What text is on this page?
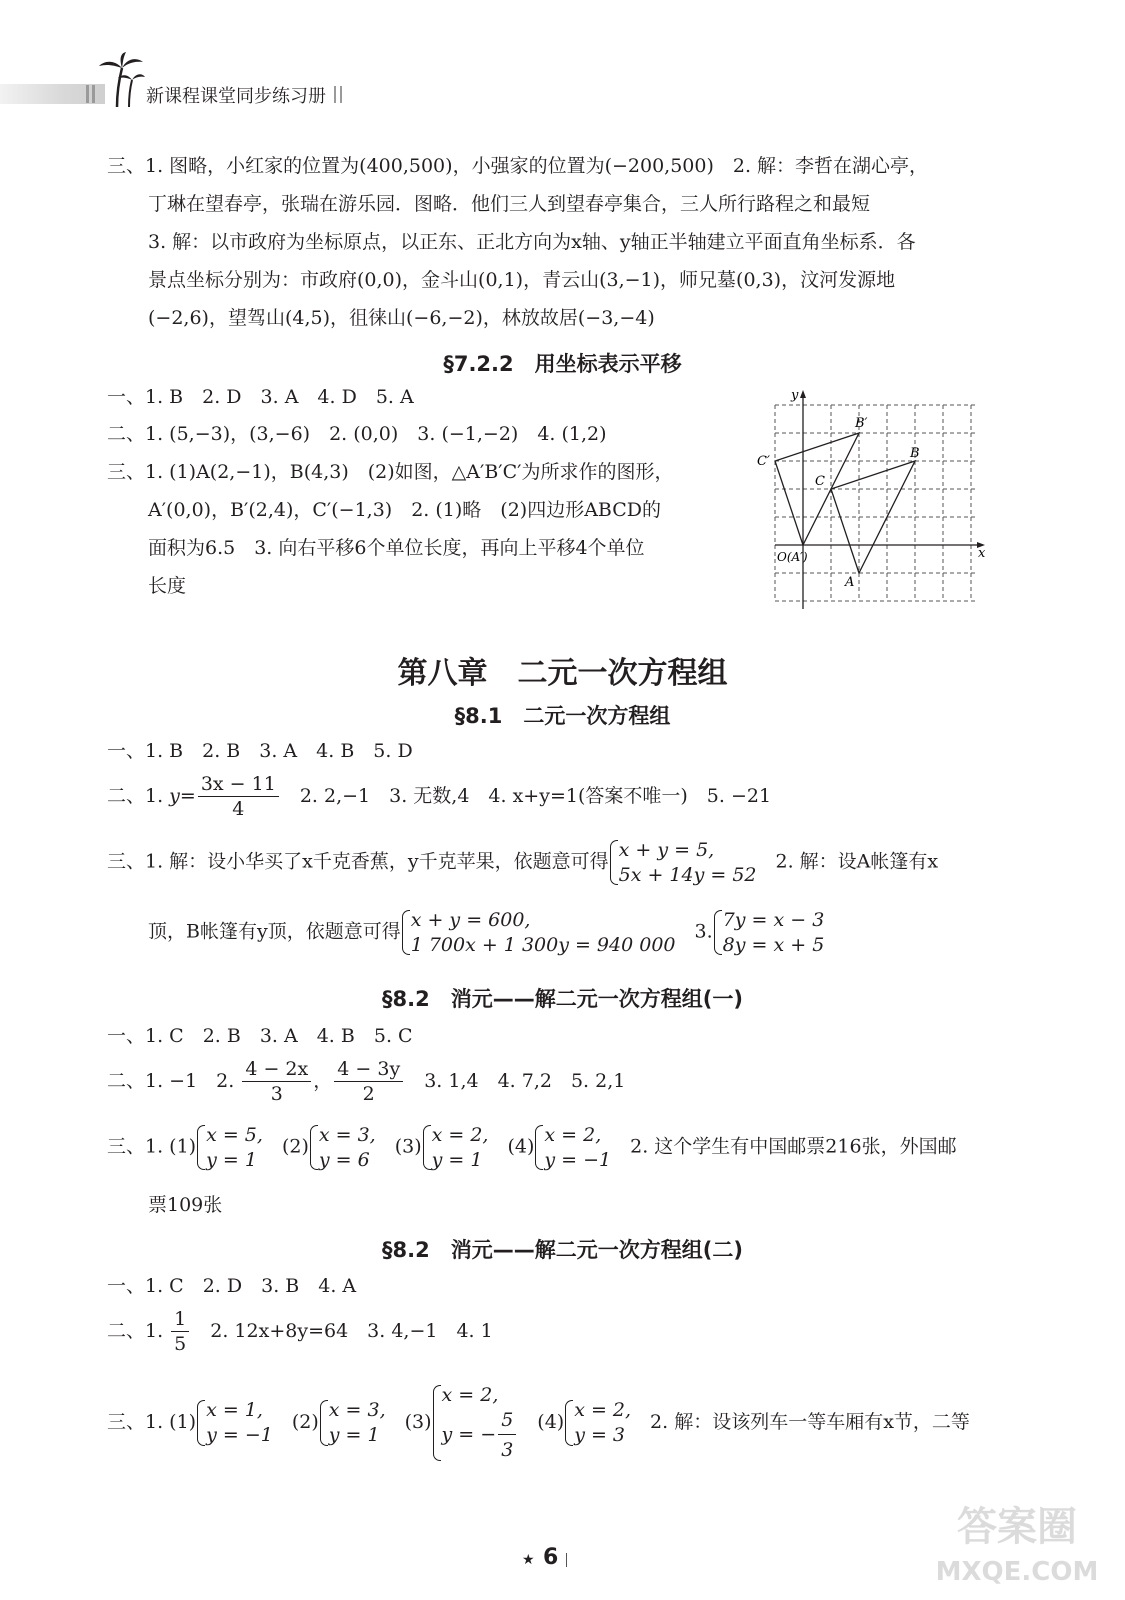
新课程课堂同步练习册
三、1. 图略，小红家的位置为(400,500)，小强家的位置为(−200,500)　2. 解：李哲在湖心亭，
丁琳在望春亭，张瑞在游乐园．图略．他们三人到望春亭集合，三人所行路程之和最短
3. 解：以市政府为坐标原点，以正东、正北方向为x轴、y轴正半轴建立平面直角坐标系．各
景点坐标分别为：市政府(0,0)，金斗山(0,1)，青云山(3,−1)，师兄墓(0,3)，汶河发源地
(−2,6)，望驾山(4,5)，徂徕山(−6,−2)，林放故居(−3,−4)
§7.2.2　用坐标表示平移
一、1. B　2. D　3. A　4. D　5. A
二、1. (5,−3)，(3,−6)　2. (0,0)　3. (−1,−2)　4. (1,2)
三、1. (1)A(2,−1)，B(4,3)　(2)如图，△A′B′C′为所求作的图形，
A′(0,0)，B′(2,4)，C′(−1,3)　2. (1)略　(2)四边形ABCD的
面积为6.5　3. 向右平移6个单位长度，再向上平移4个单位
长度
x
y
O(A′)
A
B
C
B′
C′
第八章　二元一次方程组
§8.1　二元一次方程组
一、1. B　2. B　3. A　4. B　5. D
二、1. $y= \frac{3x - 11}{4}$ 　2. 2,−1　3. 无数,4　4. x+y=1(答案不唯一)　5. −21
三、1. 解：设小华买了x千克香蕉，y千克苹果，依题意可得
x + y = 5,
5x + 14y = 52
　2. 解：设A帐篷有x
顶，B帐篷有y顶，依题意可得
x + y = 600,
1 700x + 1 300y = 940 000
　3.
7y = x − 3
8y = x + 5
§8.2　消元——解二元一次方程组(一)
一、1. C　2. B　3. A　4. B　5. C
二、1. −1　2. $\frac{4 - 2x}{3}$ ， $\frac{4 - 3y}{2}$ 　3. 1,4　4. 7,2　5. 2,1
三、1. (1)
x = 5,
y = 1
　(2)
x = 3,
y = 6
　(3)
x = 2,
y = 1
　(4)
x = 2,
y = −1
　2. 这个学生有中国邮票216张，外国邮
票109张
§8.2　消元——解二元一次方程组(二)
一、1. C　2. D　3. B　4. A
二、1. $\frac{1}{5}$ 　2. 12x+8y=64　3. 4,−1　4. 1
三、1. (1)
x = 1,
y = −1
　(2)
x = 3,
y = 1
　(3)
x = 2,
y = − $\frac{5}{3}$ 　(4)
x = 2,
y = 3
　2. 解：设该列车一等车厢有x节，二等
★ 6
答案圈
MXQE.COM
